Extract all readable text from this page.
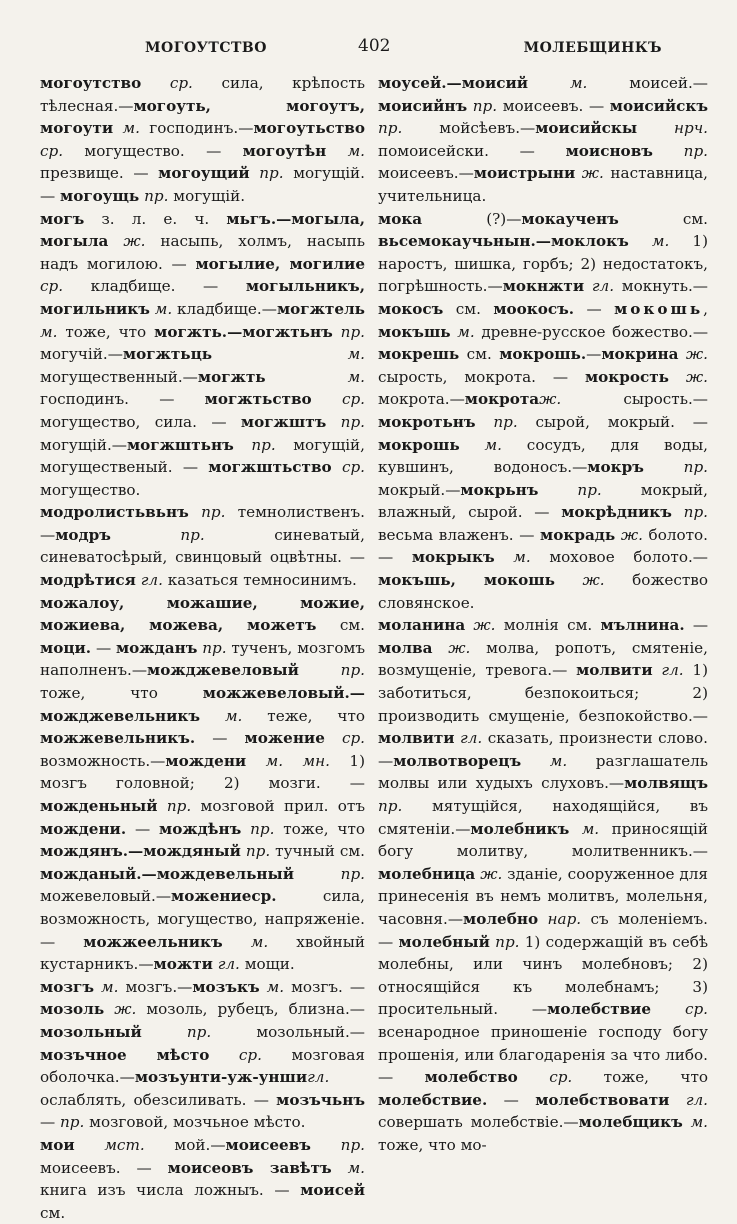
МОГОУТСТВО	402	МОЛЕБЩИНКЪ

могоутство ср. сила, крѣпость тѣлесная.—могоуть, могоутъ, могоути м. господинъ.—могоутьство ср. могущество. — могоутѣн м. презвище. — могоущий пр. могущій. — могоущь пр. могущій.

могъ з. л. е. ч. мьгъ.—могыла, могыла ж. насыпь, холмъ, насыпь надъ могилою. — могылие, могилие ср. кладбище. — могыльникъ, могильникъ м. кладбище.—могжтель м. тоже, что могжть.—могжтьнъ пр. могучій.—могжтьць	м. могущественный.—могжть	м. господинъ. — могжтьство ср. могущество, сила. — могжштъ пр. могущій.—могжштьнъ пр. могущій, могущественый. — могжштьство ср. могущество.

модролистьвьнъ пр. темнолиственъ. —модръ	пр. синеватый, синеватосѣрый, свинцовый оцвѣтны. — модрѣтися гл. казаться темносинимъ.

можалоу, можашие, можие, можиева, можева, можетъ см. моци. — можданъ пр. тученъ, мозгомъ наполненъ.—можджевеловый	пр. тоже, что можжевеловый.—можджевельникъ м. теже, что можжевельникъ. — можение ср. возможность.—мождени м. мн. 1) мозгъ головной; 2) мозги. — можденьный пр. мозговой прил. отъ мождени. — мождѣнъ пр. тоже, что мождянъ.—мождяный пр. тучный см. можданый.—мождевельный	пр. можевеловый.—можениеср. сила, возможность, могущество, напряженіе. — можжеельникъ м. хвойный кустарникъ.—можти гл. мощи.

мозгъ м. мозгъ.—мозъкъ м. мозгъ. — мозоль ж. мозоль, рубецъ, близна.— мозольный	пр. мозольный.— мозъчное мѣсто ср. мозговая оболочка.—мозъунти-уж-уншигл. ослаблять, обезсиливать. — мозъчьнъ — пр. мозговой, мозчьное мѣсто.

мои мст. мой.—моисеевъ пр. моисеевъ. — моисеовъ завѣтъ м. книга изъ числа ложныъ. — моисей см.

моусей.—моисий	м. моисей.— моисийнъ пр. моисеевъ. — моисийскъ пр. мойсѣевъ.—моисийскы нрч. помоисейски. — моисновъ пр. моисеевъ.—моистрыни ж. наставница, учительница.

мока (?)—мокаученъ см. вьсемокаучьнын.—моклокъ м. 1) наростъ, шишка, горбъ; 2) недостатокъ, погрѣшность.—мокнжти гл. мокнуть.—мокосъ см. моокосъ. — мокошь, мокъшь м. древне-русское божество.—мокрешь см. мокрошь.—мокрина ж. сырость, мокрота. — мокрость ж. мокрота.—мокротаж. сырость.—мокротьнъ пр. сырой, мокрый. — мокрошь м. сосудъ, для воды, кувшинъ, водоносъ.—мокръ	пр. мокрый.—мокрьнъ	пр. мокрый, влажный, сырой. — мокрѣдникъ пр. весьма влаженъ. — мокрадь ж. болото. — мокрыкъ м. моховое болото.—мокъшь, мокошь ж. божество словянское.

моланина ж. молнія см. мълнина. — молва ж. молва, ропотъ, смятеніе, возмущеніе, тревога.— молвити гл. 1) заботиться, безпокоиться; 2) производить смущеніе, безпокойство.— молвити гл. сказать, произнести слово.—молвотворецъ м. разглашатель молвы или худыхъ слуховъ.—молвящъ пр. мятущійся, находящійся, въ смятеніи.—молебникъ м. приносящій богу молитву, молитвенникъ.—молебница ж. зданіе, сооруженное для принесенія въ немъ молитвъ, молельня, часовня.—молебно нар. съ моленіемъ. — молебный пр. 1) содержащій въ себѣ молебны, или чинъ молебновъ; 2) относящійся къ молебнамъ; 3) просительный. —молебствие ср. всенародное приношеніе господу богу прошенія, или благодаренія за что либо. — молебство ср. тоже, что молебствие. — молебствовати гл. совершать молебствіе.—молебщикъ м. тоже, что мо-
